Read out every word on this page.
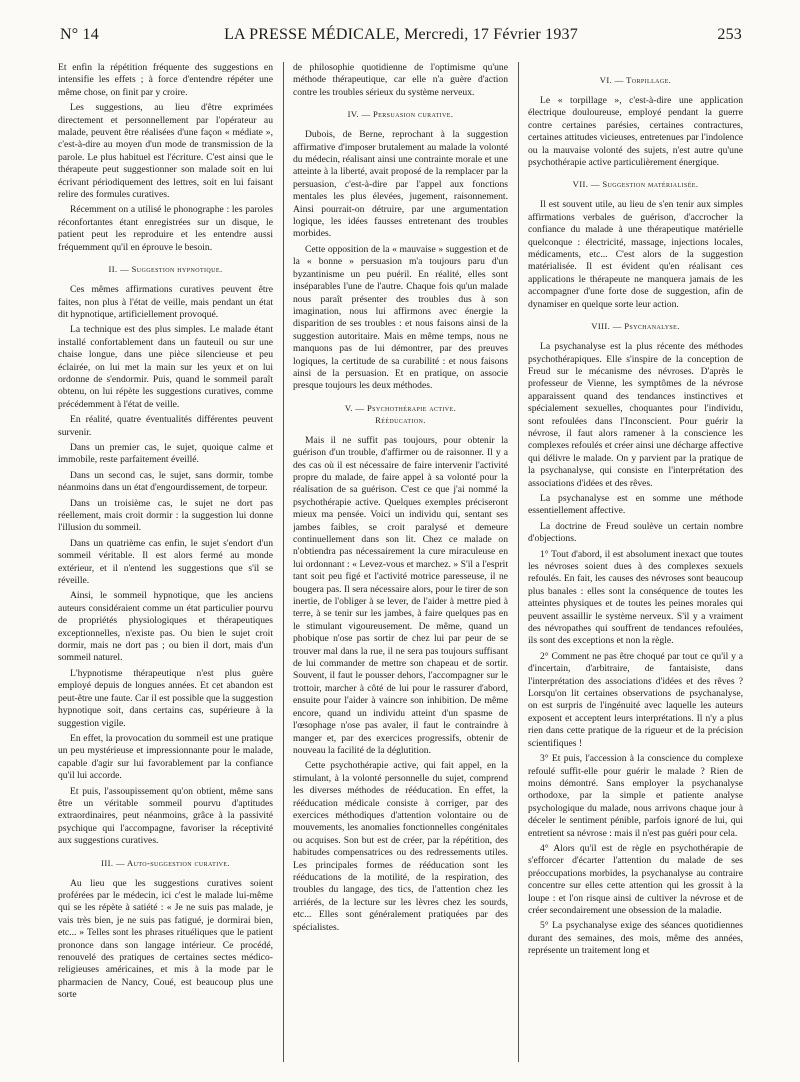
N° 14	LA PRESSE MÉDICALE, Mercredi, 17 Février 1937	253

Et enfin la répétition fréquente des suggestions en intensifie les effets ; à force d'entendre répéter une même chose, on finit par y croire.

Les suggestions, au lieu d'être exprimées directement et personnellement par l'opérateur au malade, peuvent être réalisées d'une façon « médiate », c'est-à-dire au moyen d'un mode de transmission de la parole. Le plus habituel est l'écriture. C'est ainsi que le thérapeute peut suggestionner son malade soit en lui écrivant périodiquement des lettres, soit en lui faisant relire des formules curatives.

Récemment on a utilisé le phonographe : les paroles réconfortantes étant enregistrées sur un disque, le patient peut les reproduire et les entendre aussi fréquemment qu'il en éprouve le besoin.

II. — Suggestion hypnotique.

Ces mêmes affirmations curatives peuvent être faites, non plus à l'état de veille, mais pendant un état dit hypnotique, artificiellement provoqué.

La technique est des plus simples. Le malade étant installé confortablement dans un fauteuil ou sur une chaise longue, dans une pièce silencieuse et peu éclairée, on lui met la main sur les yeux et on lui ordonne de s'endormir. Puis, quand le sommeil paraît obtenu, on lui répète les suggestions curatives, comme précédemment à l'état de veille.

En réalité, quatre éventualités différentes peuvent survenir.

Dans un premier cas, le sujet, quoique calme et immobile, reste parfaitement éveillé.

Dans un second cas, le sujet, sans dormir, tombe néanmoins dans un état d'engourdissement, de torpeur.

Dans un troisième cas, le sujet ne dort pas réellement, mais croit dormir : la suggestion lui donne l'illusion du sommeil.

Dans un quatrième cas enfin, le sujet s'endort d'un sommeil véritable. Il est alors fermé au monde extérieur, et il n'entend les suggestions que s'il se réveille.

Ainsi, le sommeil hypnotique, que les anciens auteurs considéraient comme un état particulier pourvu de propriétés physiologiques et thérapeutiques exceptionnelles, n'existe pas. Ou bien le sujet croit dormir, mais ne dort pas ; ou bien il dort, mais d'un sommeil naturel.

L'hypnotisme thérapeutique n'est plus guère employé depuis de longues années. Et cet abandon est peut-être une faute. Car il est possible que la suggestion hypnotique soit, dans certains cas, supérieure à la suggestion vigile.

En effet, la provocation du sommeil est une pratique un peu mystérieuse et impressionnante pour le malade, capable d'agir sur lui favorablement par la confiance qu'il lui accorde.

Et puis, l'assoupissement qu'on obtient, même sans être un véritable sommeil pourvu d'aptitudes extraordinaires, peut néanmoins, grâce à la passivité psychique qui l'accompagne, favoriser la réceptivité aux suggestions curatives.

III. — Auto-suggestion curative.

Au lieu que les suggestions curatives soient proférées par le médecin, ici c'est le malade lui-même qui se les répète à satiété : « Je ne suis pas malade, je vais très bien, je ne suis pas fatigué, je dormirai bien, etc... » Telles sont les phrases rituéliques que le patient prononce dans son langage intérieur. Ce procédé, renouvelé des pratiques de certaines sectes médico-religieuses américaines, et mis à la mode par le pharmacien de Nancy, Coué, est beaucoup plus une sorte

de philosophie quotidienne de l'optimisme qu'une méthode thérapeutique, car elle n'a guère d'action contre les troubles sérieux du système nerveux.

IV. — Persuasion curative.

Dubois, de Berne, reprochant à la suggestion affirmative d'imposer brutalement au malade la volonté du médecin, réalisant ainsi une contrainte morale et une atteinte à la liberté, avait proposé de la remplacer par la persuasion, c'est-à-dire par l'appel aux fonctions mentales les plus élevées, jugement, raisonnement. Ainsi pourrait-on détruire, par une argumentation logique, les idées fausses entretenant des troubles morbides.

Cette opposition de la « mauvaise » suggestion et de la « bonne » persuasion m'a toujours paru d'un byzantinisme un peu puéril. En réalité, elles sont inséparables l'une de l'autre. Chaque fois qu'un malade nous paraît présenter des troubles dus à son imagination, nous lui affirmons avec énergie la disparition de ses troubles : et nous faisons ainsi de la suggestion autoritaire. Mais en même temps, nous ne manquons pas de lui démontrer, par des preuves logiques, la certitude de sa curabilité : et nous faisons ainsi de la persuasion. Et en pratique, on associe presque toujours les deux méthodes.

V. — Psychothérapie active.
Rééducation.

Mais il ne suffit pas toujours, pour obtenir la guérison d'un trouble, d'affirmer ou de raisonner. Il y a des cas où il est nécessaire de faire intervenir l'activité propre du malade, de faire appel à sa volonté pour la réalisation de sa guérison. C'est ce que j'ai nommé la psychothérapie active. Quelques exemples préciseront mieux ma pensée. Voici un individu qui, sentant ses jambes faibles, se croit paralysé et demeure continuellement dans son lit. Chez ce malade on n'obtiendra pas nécessairement la cure miraculeuse en lui ordonnant : « Levez-vous et marchez. » S'il a l'esprit tant soit peu figé et l'activité motrice paresseuse, il ne bougera pas. Il sera nécessaire alors, pour le tirer de son inertie, de l'obliger à se lever, de l'aider à mettre pied à terre, à se tenir sur les jambes, à faire quelques pas en le stimulant vigoureusement. De même, quand un phobique n'ose pas sortir de chez lui par peur de se trouver mal dans la rue, il ne sera pas toujours suffisant de lui commander de mettre son chapeau et de sortir. Souvent, il faut le pousser dehors, l'accompagner sur le trottoir, marcher à côté de lui pour le rassurer d'abord, ensuite pour l'aider à vaincre son inhibition. De même encore, quand un individu atteint d'un spasme de l'œsophage n'ose pas avaler, il faut le contraindre à manger et, par des exercices progressifs, obtenir de nouveau la facilité de la déglutition.

Cette psychothérapie active, qui fait appel, en la stimulant, à la volonté personnelle du sujet, comprend les diverses méthodes de rééducation. En effet, la rééducation médicale consiste à corriger, par des exercices méthodiques d'attention volontaire ou de mouvements, les anomalies fonctionnelles congénitales ou acquises. Son but est de créer, par la répétition, des habitudes compensatrices ou des redressements utiles. Les principales formes de rééducation sont les rééducations de la motilité, de la respiration, des troubles du langage, des tics, de l'attention chez les arriérés, de la lecture sur les lèvres chez les sourds, etc... Elles sont généralement pratiquées par des spécialistes.

VI. — Torpillage.

Le « torpillage », c'est-à-dire une application électrique douloureuse, employé pendant la guerre contre certaines parésies, certaines contractures, certaines attitudes vicieuses, entretenues par l'indolence ou la mauvaise volonté des sujets, n'est autre qu'une psychothérapie active particulièrement énergique.

VII. — Suggestion matérialisée.

Il est souvent utile, au lieu de s'en tenir aux simples affirmations verbales de guérison, d'accrocher la confiance du malade à une thérapeutique matérielle quelconque : électricité, massage, injections locales, médicaments, etc... C'est alors de la suggestion matérialisée. Il est évident qu'en réalisant ces applications le thérapeute ne manquera jamais de les accompagner d'une forte dose de suggestion, afin de dynamiser en quelque sorte leur action.

VIII. — Psychanalyse.

La psychanalyse est la plus récente des méthodes psychothérapiques. Elle s'inspire de la conception de Freud sur le mécanisme des névroses. D'après le professeur de Vienne, les symptômes de la névrose apparaissent quand des tendances instinctives et spécialement sexuelles, choquantes pour l'individu, sont refoulées dans l'Inconscient. Pour guérir la névrose, il faut alors ramener à la conscience les complexes refoulés et créer ainsi une décharge affective qui délivre le malade. On y parvient par la pratique de la psychanalyse, qui consiste en l'interprétation des associations d'idées et des rêves.

La psychanalyse est en somme une méthode essentiellement affective.

La doctrine de Freud soulève un certain nombre d'objections.

1° Tout d'abord, il est absolument inexact que toutes les névroses soient dues à des complexes sexuels refoulés. En fait, les causes des névroses sont beaucoup plus banales : elles sont la conséquence de toutes les atteintes physiques et de toutes les peines morales qui peuvent assaillir le système nerveux. S'il y a vraiment des névropathes qui souffrent de tendances refoulées, ils sont des exceptions et non la règle.

2° Comment ne pas être choqué par tout ce qu'il y a d'incertain, d'arbitraire, de fantaisiste, dans l'interprétation des associations d'idées et des rêves ? Lorsqu'on lit certaines observations de psychanalyse, on est surpris de l'ingénuité avec laquelle les auteurs exposent et acceptent leurs interprétations. Il n'y a plus rien dans cette pratique de la rigueur et de la précision scientifiques !

3° Et puis, l'accession à la conscience du complexe refoulé suffit-elle pour guérir le malade ? Rien de moins démontré. Sans employer la psychanalyse orthodoxe, par la simple et patiente analyse psychologique du malade, nous arrivons chaque jour à déceler le sentiment pénible, parfois ignoré de lui, qui entretient sa névrose : mais il n'est pas guéri pour cela.

4° Alors qu'il est de règle en psychothérapie de s'efforcer d'écarter l'attention du malade de ses préoccupations morbides, la psychanalyse au contraire concentre sur elles cette attention qui les grossit à la loupe : et l'on risque ainsi de cultiver la névrose et de créer secondairement une obsession de la maladie.

5° La psychanalyse exige des séances quotidiennes durant des semaines, des mois, même des années, représente un traitement long et
